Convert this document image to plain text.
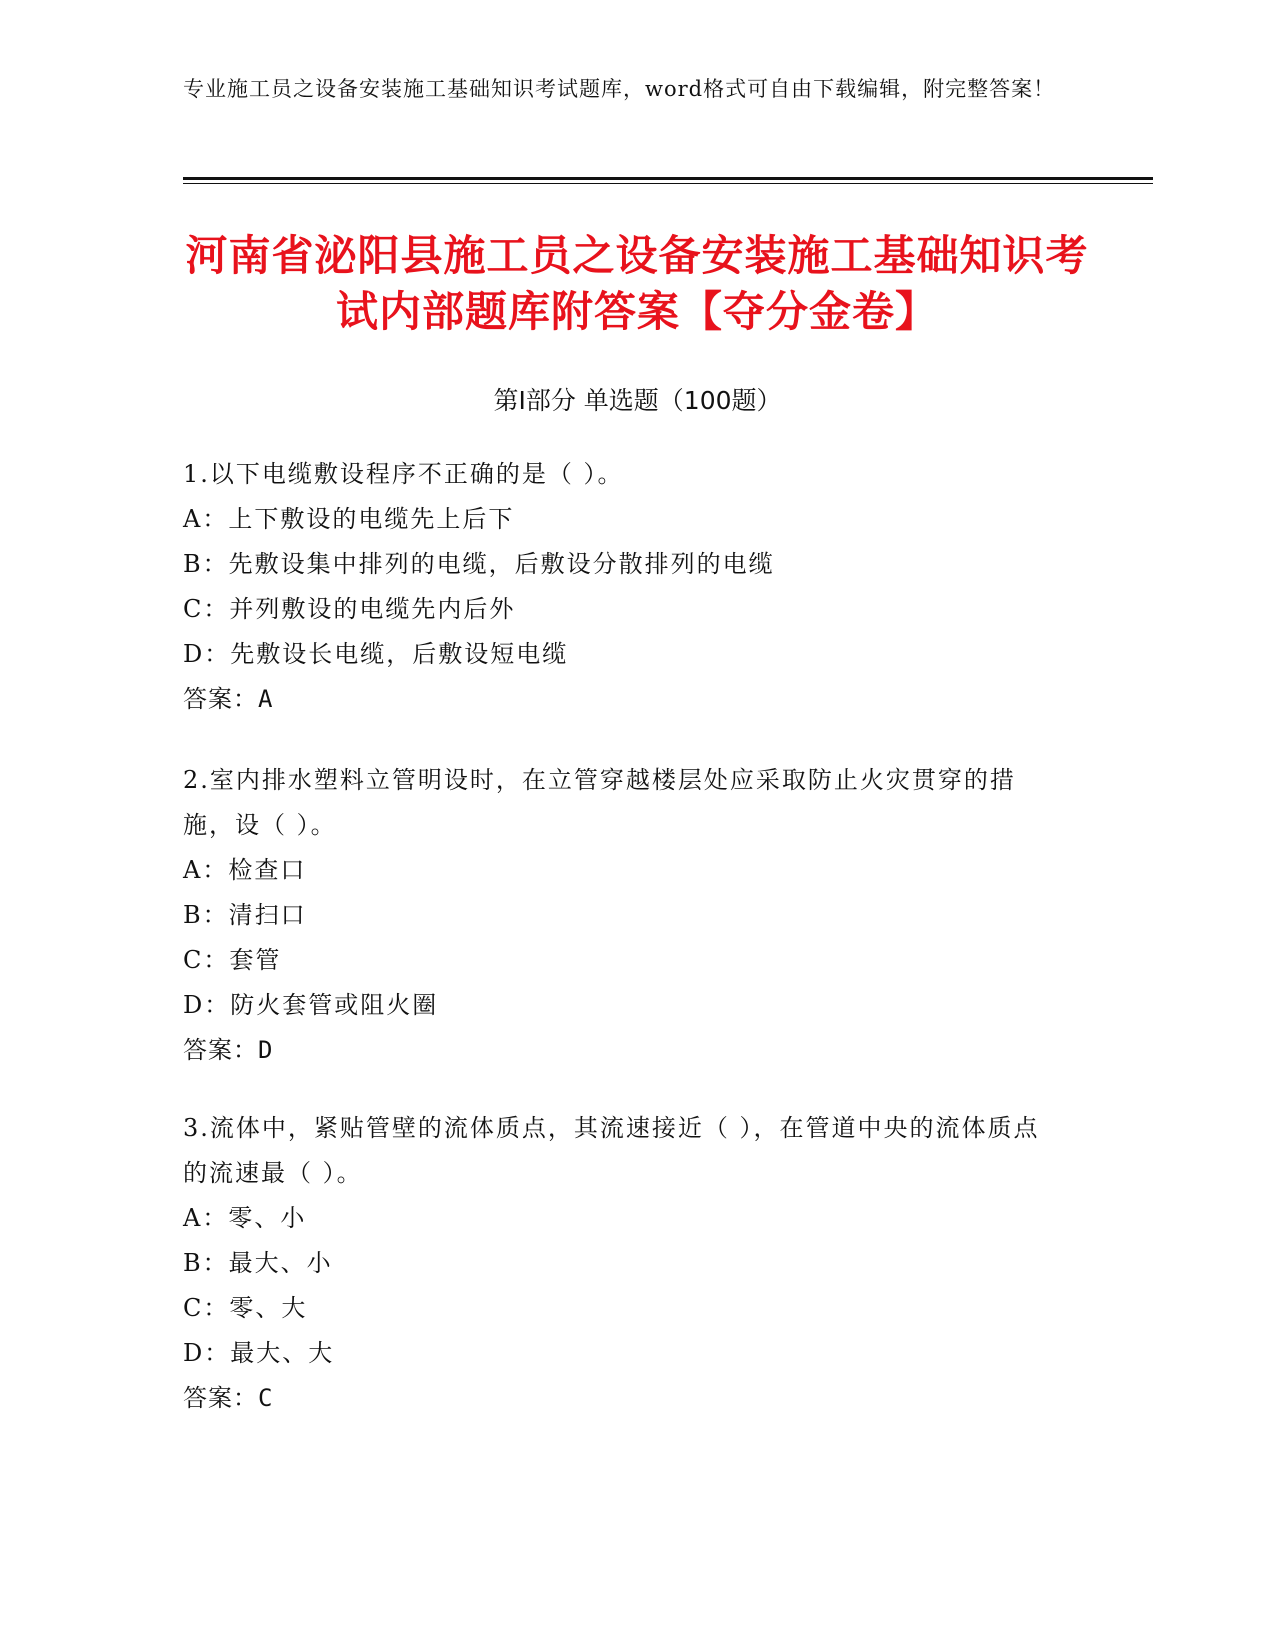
专业施工员之设备安装施工基础知识考试题库，word格式可自由下载编辑，附完整答案！
河南省泌阳县施工员之设备安装施工基础知识考试内部题库附答案【夺分金卷】
第Ⅰ部分 单选题（100题）
1.以下电缆敷设程序不正确的是（ ）。
A：上下敷设的电缆先上后下
B：先敷设集中排列的电缆，后敷设分散排列的电缆
C：并列敷设的电缆先内后外
D：先敷设长电缆，后敷设短电缆
答案：A
2.室内排水塑料立管明设时，在立管穿越楼层处应采取防止火灾贯穿的措施，设（ ）。
A：检查口
B：清扫口
C：套管
D：防火套管或阻火圈
答案：D
3.流体中，紧贴管壁的流体质点，其流速接近（ ），在管道中央的流体质点的流速最（ ）。
A：零、小
B：最大、小
C：零、大
D：最大、大
答案：C
